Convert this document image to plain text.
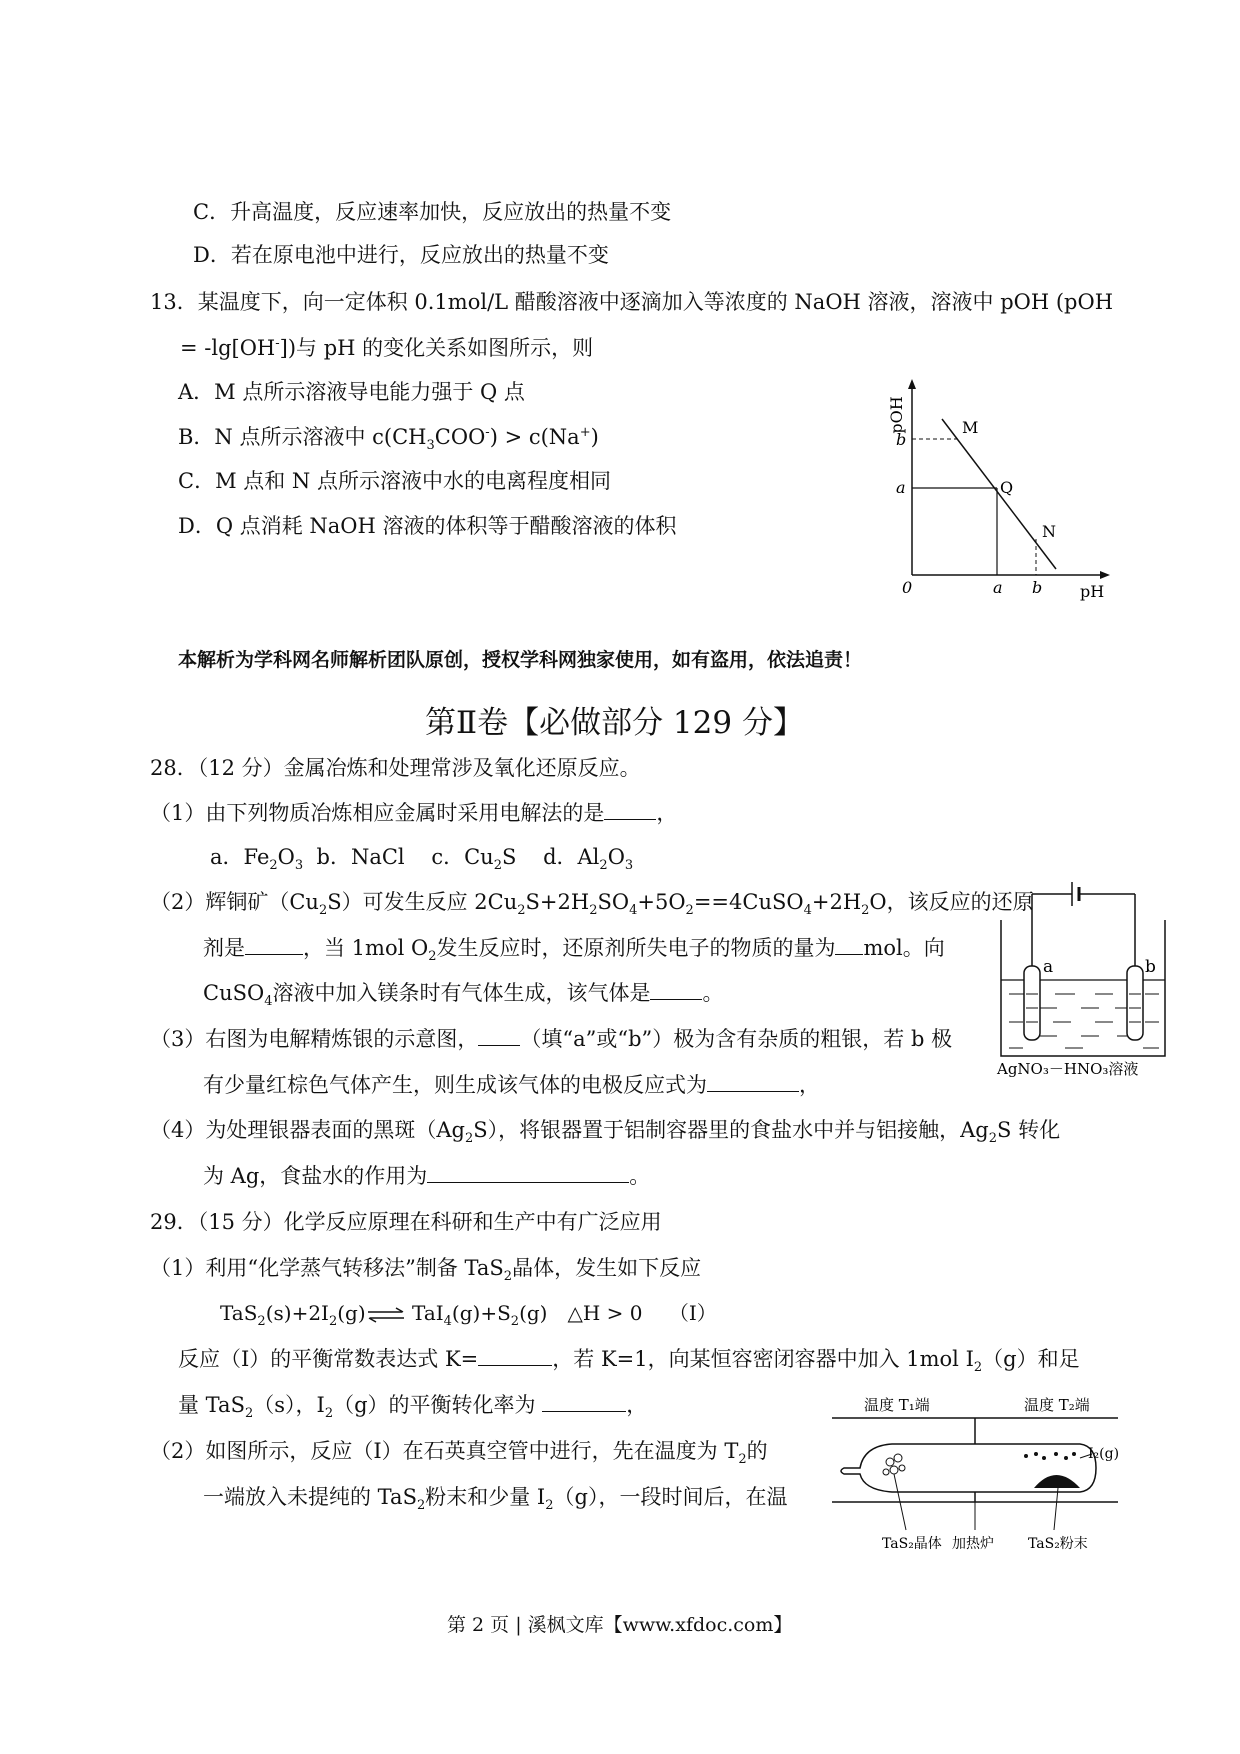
C．升高温度，反应速率加快，反应放出的热量不变
D．若在原电池中进行，反应放出的热量不变
13．某温度下，向一定体积 0.1mol/L 醋酸溶液中逐滴加入等浓度的 NaOH 溶液，溶液中 pOH (pOH
= -lg[OH-])与 pH 的变化关系如图所示，则
A．M 点所示溶液导电能力强于 Q 点
B．N 点所示溶液中 $c(CH_3COO^-) > c(Na^+)$
C．M 点和 N 点所示溶液中水的电离程度相同
D．Q 点消耗 NaOH 溶液的体积等于醋酸溶液的体积
pOH
pH
0
b
a
a b
M
Q
N
本解析为学科网名师解析团队原创，授权学科网独家使用，如有盗用，依法追责！
第Ⅱ卷【必做部分 129 分】
28．（12 分）金属冶炼和处理常涉及氧化还原反应。
（1）由下列物质冶炼相应金属时采用电解法的是 ，
a．$Fe_2O_3$ b．NaCl c．$Cu_2S$ d．$Al_2O_3$
（2）辉铜矿$(Cu_2S)$可发生反应 $2Cu_2S+2H_2SO_4+5O_2==4CuSO_4+2H_2O$，该反应的还原
剂是	，当 1mol $O_2$发生反应时，还原剂所失电子的物质的量为 mol。向
CuSO$_4$溶液中加入镁条时有气体生成，该气体是 。
（3）右图为电解精炼银的示意图， （填“a”或“b”）极为含有杂质的粗银，若 b 极
有少量红棕色气体产生，则生成该气体的电极反应式为	，
（4）为处理银器表面的黑斑$(Ag_2S)$，将银器置于铝制容器里的食盐水中并与铝接触，$Ag_2S$ 转化
为 Ag，食盐水的作用为	。
a	b
AgNO₃－HNO₃溶液
29．（15 分）化学反应原理在科研和生产中有广泛应用
（1）利用“化学蒸气转移法”制备 TaS$_2$晶体，发生如下反应
$TaS_2(s)+2I_2(g)\rightleftharpoons$ $TaI_4(g)+S_2(g)$　△H > 0　 （I）
反应（I）的平衡常数表达式 K=	，若 K=1，向某恒容密闭容器中加入 1mol $I_2(g)$和足
量 TaS$_2$（s），$I_2(g)$的平衡转化率为	，
（2）如图所示，反应（I）在石英真空管中进行，先在温度为 $T_2$的
一端放入未提纯的 TaS$_2$粉末和少量 $I_2(g)$，一段时间后，在温
温度 T₁端	温度 T₂端
I₂(g)
TaS₂晶体 加热炉 TaS₂粉末
第 2 页 | 溪枫文库【www.xfdoc.com】
